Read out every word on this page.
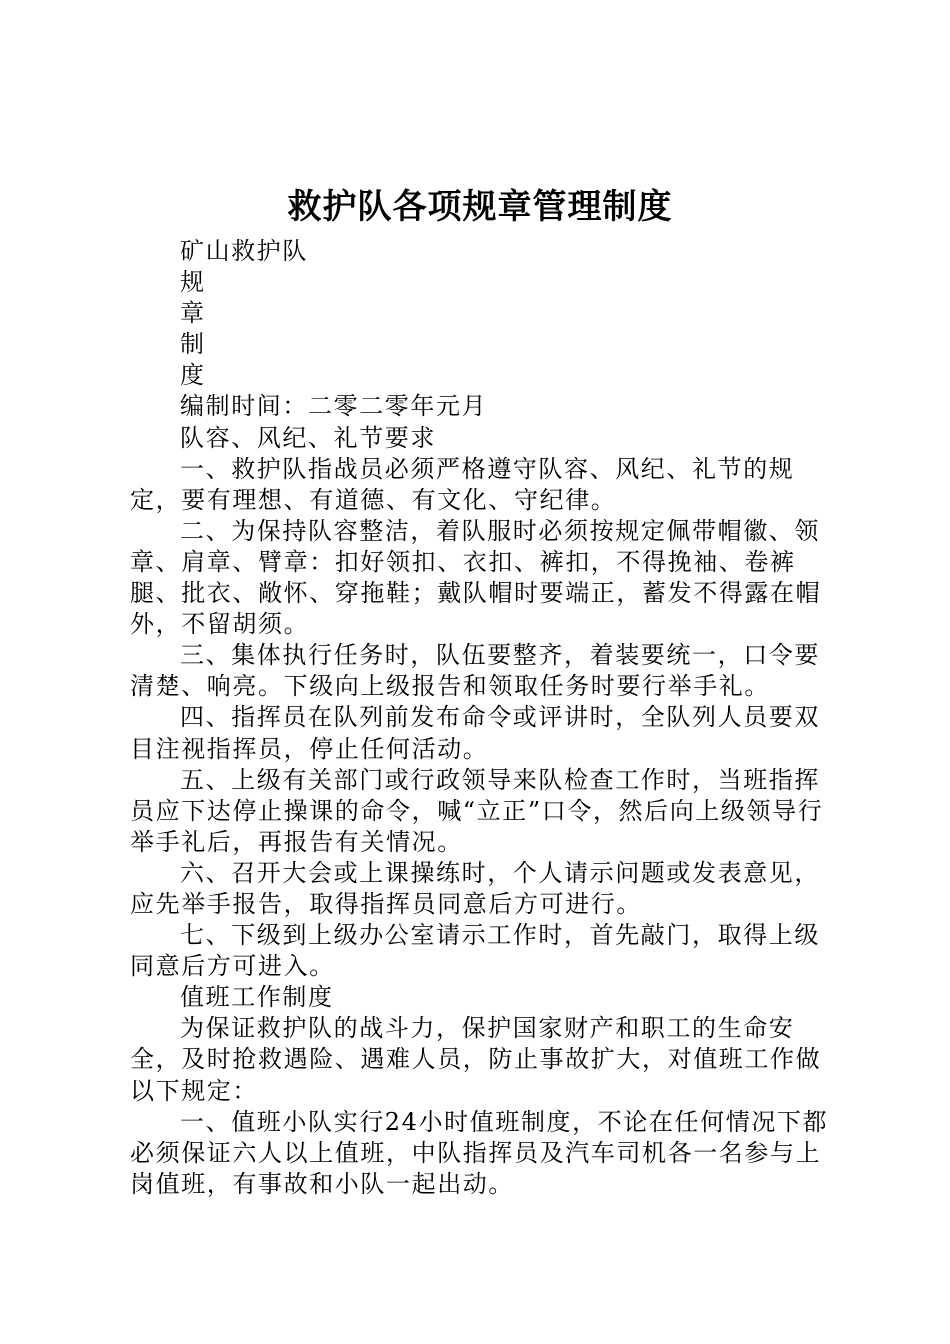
救护队各项规章管理制度

矿山救护队

规

章

制

度

编制时间：二零二零年元月

队容、风纪、礼节要求

一、救护队指战员必须严格遵守队容、风纪、礼节的规定，要有理想、有道德、有文化、守纪律。

二、为保持队容整洁，着队服时必须按规定佩带帽徽、领章、肩章、臂章：扣好领扣、衣扣、裤扣，不得挽袖、卷裤腿、批衣、敞怀、穿拖鞋；戴队帽时要端正，蓄发不得露在帽外，不留胡须。

三、集体执行任务时，队伍要整齐，着装要统一，口令要清楚、响亮。下级向上级报告和领取任务时要行举手礼。

四、指挥员在队列前发布命令或评讲时，全队列人员要双目注视指挥员，停止任何活动。

五、上级有关部门或行政领导来队检查工作时，当班指挥员应下达停止操课的命令，喊“立正”口令，然后向上级领导行举手礼后，再报告有关情况。

六、召开大会或上课操练时，个人请示问题或发表意见，应先举手报告，取得指挥员同意后方可进行。

七、下级到上级办公室请示工作时，首先敲门，取得上级同意后方可进入。

值班工作制度

为保证救护队的战斗力，保护国家财产和职工的生命安全，及时抢救遇险、遇难人员，防止事故扩大，对值班工作做以下规定：

一、值班小队实行24小时值班制度，不论在任何情况下都必须保证六人以上值班，中队指挥员及汽车司机各一名参与上岗值班，有事故和小队一起出动。
